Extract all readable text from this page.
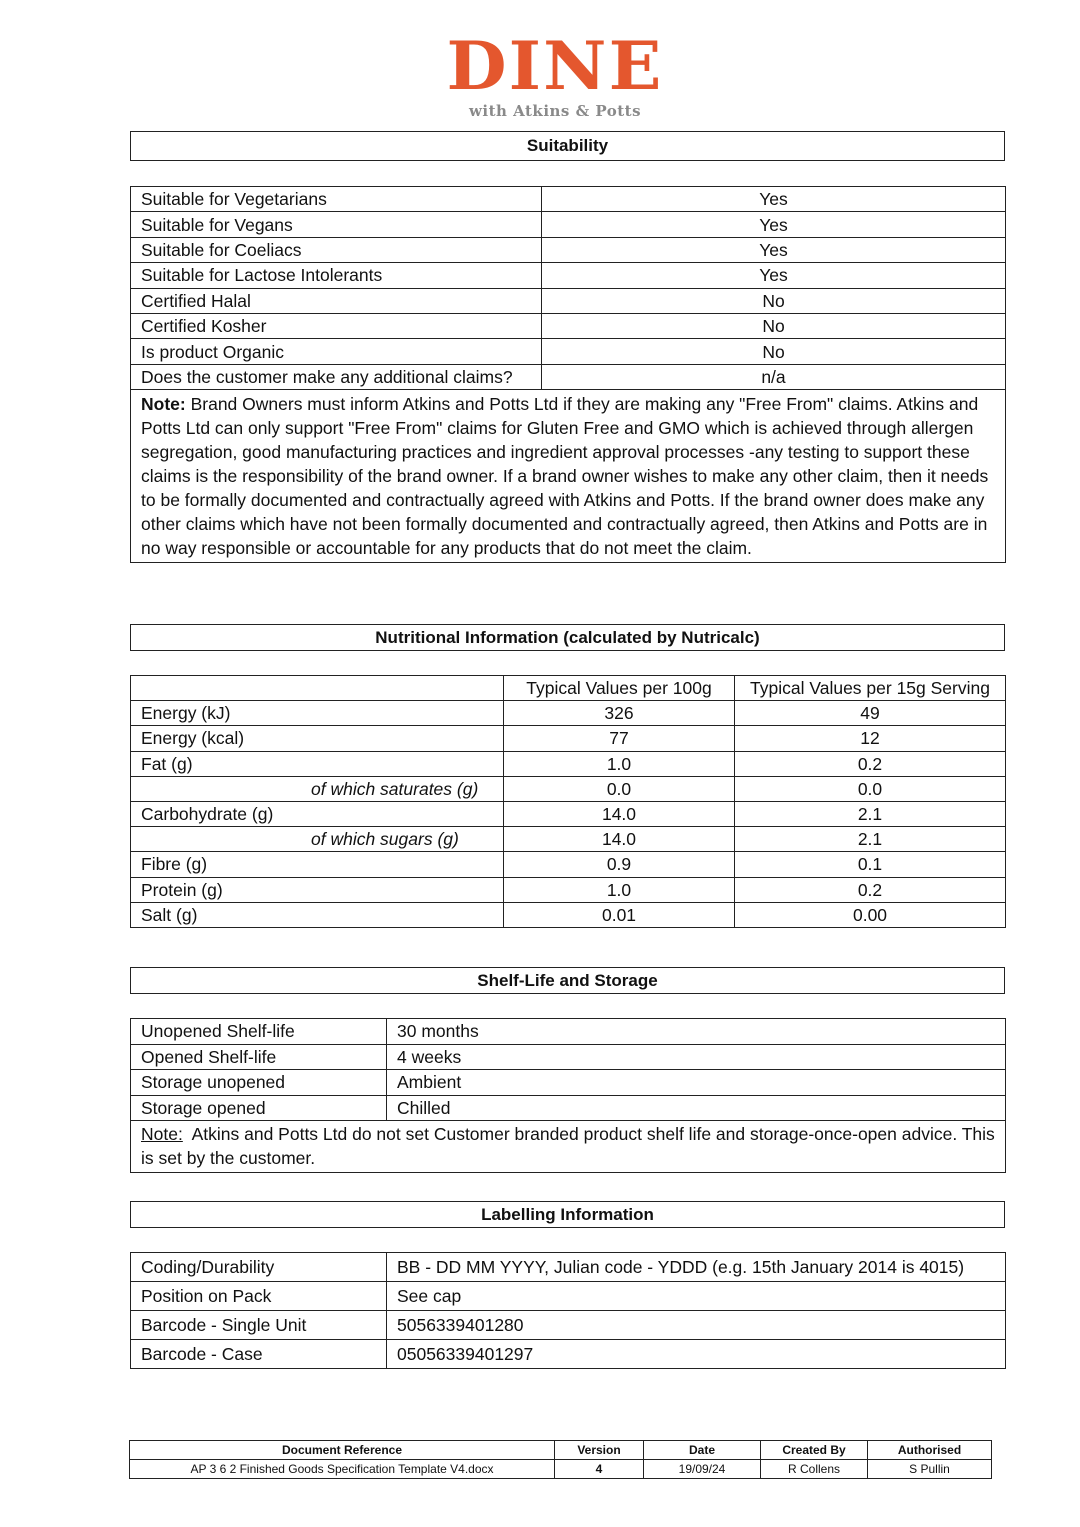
DINE
with Atkins & Potts
Suitability
Suitable for Vegetarians	Yes
Suitable for Vegans	Yes
Suitable for Coeliacs	Yes
Suitable for Lactose Intolerants	Yes
Certified Halal	No
Certified Kosher	No
Is product Organic	No
Does the customer make any additional claims?	n/a
Note: Brand Owners must inform Atkins and Potts Ltd if they are making any "Free From" claims. Atkins and Potts Ltd can only support "Free From" claims for Gluten Free and GMO which is achieved through allergen segregation, good manufacturing practices and ingredient approval processes -any testing to support these claims is the responsibility of the brand owner. If a brand owner wishes to make any other claim, then it needs to be formally documented and contractually agreed with Atkins and Potts. If the brand owner does make any other claims which have not been formally documented and contractually agreed, then Atkins and Potts are in no way responsible or accountable for any products that do not meet the claim.	
Nutritional Information (calculated by Nutricalc)
	Typical Values per 100g	Typical Values per 15g Serving
Energy (kJ)	326	49
Energy (kcal)	77	12
Fat (g)	1.0	0.2
of which saturates (g)	0.0	0.0
Carbohydrate (g)	14.0	2.1
of which sugars (g)	14.0	2.1
Fibre (g)	0.9	0.1
Protein (g)	1.0	0.2
Salt (g)	0.01	0.00
Shelf-Life and Storage
Unopened Shelf-life	30 months
Opened Shelf-life	4 weeks
Storage unopened	Ambient
Storage opened	Chilled
Note: Atkins and Potts Ltd do not set Customer branded product shelf life and storage-once-open advice. This is set by the customer.	
Labelling Information
Coding/Durability	BB - DD MM YYYY, Julian code - YDDD (e.g. 15th January 2014 is 4015)
Position on Pack	See cap
Barcode - Single Unit	5056339401280
Barcode - Case	05056339401297
Document Reference	Version	Date	Created By	Authorised
AP 3 6 2 Finished Goods Specification Template V4.docx	4	19/09/24	R Collens	S Pullin
